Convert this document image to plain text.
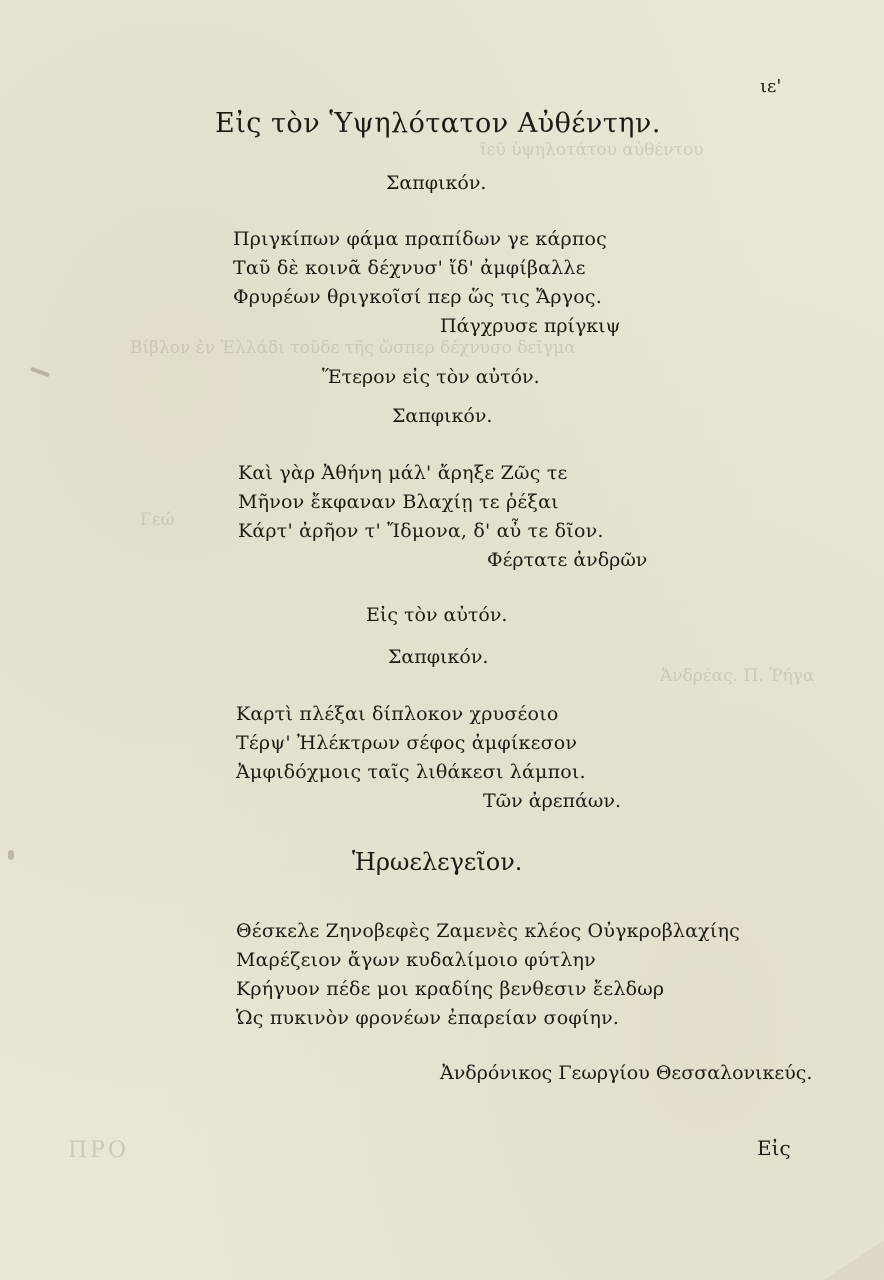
ῑεῦ ὑψηλοτάτου αὐθέντου
Βίβλον ἐν Ἑλλάδι τοῦδε τῆς ὥσπερ δέχνυσο δεῖγμα
Γεώ
Ἀνδρέας. Π. Ῥήγα
ΠΡΟ
ιε'
Εἰς τὸν Ὑψηλότατον Αὐθέντην.
Σαπφικόν.
Πριγκίπων φάμα πραπίδων γε κάρπος
Ταῦ δὲ κοινᾶ δέχνυσ' ἴδ' ἀμφίβαλλε
Φρυρέων θριγκοῖσί περ ὥς τις Ἄργος.
Πάγχρυσε πρίγκιψ
Ἕτερον εἰς τὸν αὐτόν.
Σαπφικόν.
Καὶ γὰρ Ἀθήνη μάλ' ἄρηξε Ζῶς τε
Μῆνον ἔκφαναν Βλαχίῃ τε ῥέξαι
Κάρτ' ἀρῆον τ' Ἴδμονα, δ' αὖ τε δῖον.
Φέρτατε ἀνδρῶν
Εἰς τὸν αὐτόν.
Σαπφικόν.
Καρτὶ πλέξαι δίπλοκον χρυσέοιο
Τέρψ' Ἠλέκτρων σέφος ἀμφίκεσον
Ἀμφιδόχμοις ταῖς λιθάκεσι λάμποι.
Τῶν ἀρεπάων.
Ἡρωελεγεῖον.
Θέσκελε Ζηνοβεφὲς Ζαμενὲς κλέος Οὐγκροβλαχίης
Μαρέζειον ἄγων κυδαλίμοιο φύτλην
Κρήγυον πέδε μοι κραδίης βενθεσιν ἔελδωρ
Ὡς πυκινὸν φρονέων ἐπαρείαν σοφίην.
Ἀνδρόνικος Γεωργίου Θεσσαλονικεύς.
Εἰς
